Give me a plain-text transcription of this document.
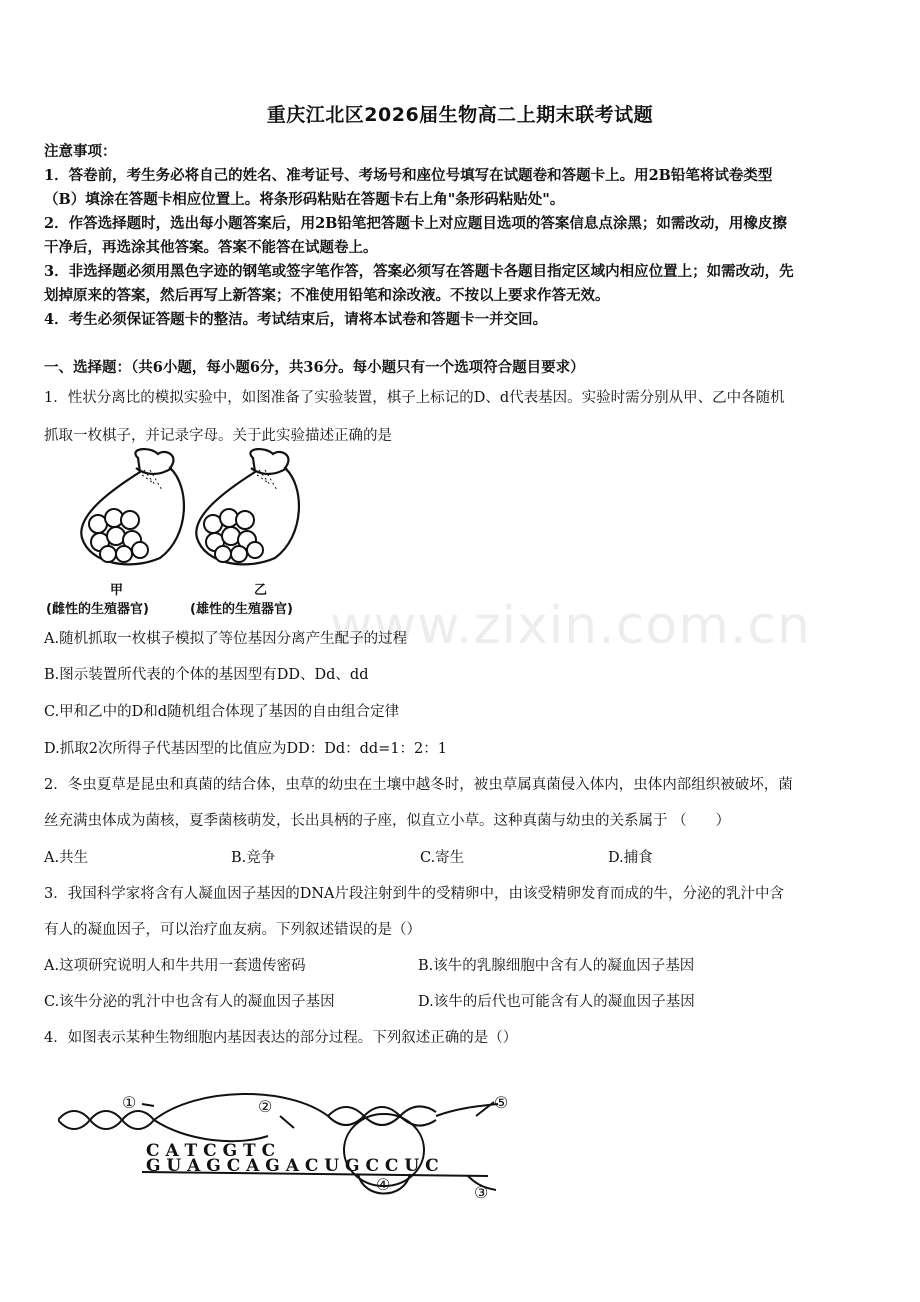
重庆江北区2026届生物高二上期末联考试题
注意事项：
1．答卷前，考生务必将自己的姓名、准考证号、考场号和座位号填写在试题卷和答题卡上。用2B铅笔将试卷类型
（B）填涂在答题卡相应位置上。将条形码粘贴在答题卡右上角"条形码粘贴处"。
2．作答选择题时，选出每小题答案后，用2B铅笔把答题卡上对应题目选项的答案信息点涂黑；如需改动，用橡皮擦
干净后，再选涂其他答案。答案不能答在试题卷上。
3．非选择题必须用黑色字迹的钢笔或签字笔作答，答案必须写在答题卡各题目指定区域内相应位置上；如需改动，先
划掉原来的答案，然后再写上新答案；不准使用铅笔和涂改液。不按以上要求作答无效。
4．考生必须保证答题卡的整洁。考试结束后，请将本试卷和答题卡一并交回。
一、选择题：（共6小题，每小题6分，共36分。每小题只有一个选项符合题目要求）
1．性状分离比的模拟实验中，如图准备了实验装置，棋子上标记的D、d代表基因。实验时需分别从甲、乙中各随机
抓取一枚棋子，并记录字母。关于此实验描述正确的是
甲
(雌性的生殖器官)
乙
(雄性的生殖器官) www.zixin.com.cn
A.随机抓取一枚棋子模拟了等位基因分离产生配子的过程
B.图示装置所代表的个体的基因型有DD、Dd、dd
C.甲和乙中的D和d随机组合体现了基因的自由组合定律
D.抓取2次所得子代基因型的比值应为DD：Dd：dd=1：2：1
2．冬虫夏草是昆虫和真菌的结合体，虫草的幼虫在土壤中越冬时，被虫草属真菌侵入体内，虫体内部组织被破坏，菌
丝充满虫体成为菌核，夏季菌核萌发，长出具柄的子座，似直立小草。这种真菌与幼虫的关系属于 （　　）
A.共生	B.竞争	C.寄生	D.捕食
3．我国科学家将含有人凝血因子基因的DNA片段注射到牛的受精卵中，由该受精卵发育而成的牛，分泌的乳汁中含
有人的凝血因子，可以治疗血友病。下列叙述错误的是（）
A.这项研究说明人和牛共用一套遗传密码	B.该牛的乳腺细胞中含有人的凝血因子基因
C.该牛分泌的乳汁中也含有人的凝血因子基因	D.该牛的后代也可能含有人的凝血因子基因
4．如图表示某种生物细胞内基因表达的部分过程。下列叙述正确的是（）
①	②	⑤
④	③
C A T C G T C
G U A G C A G A C U G C C U C
